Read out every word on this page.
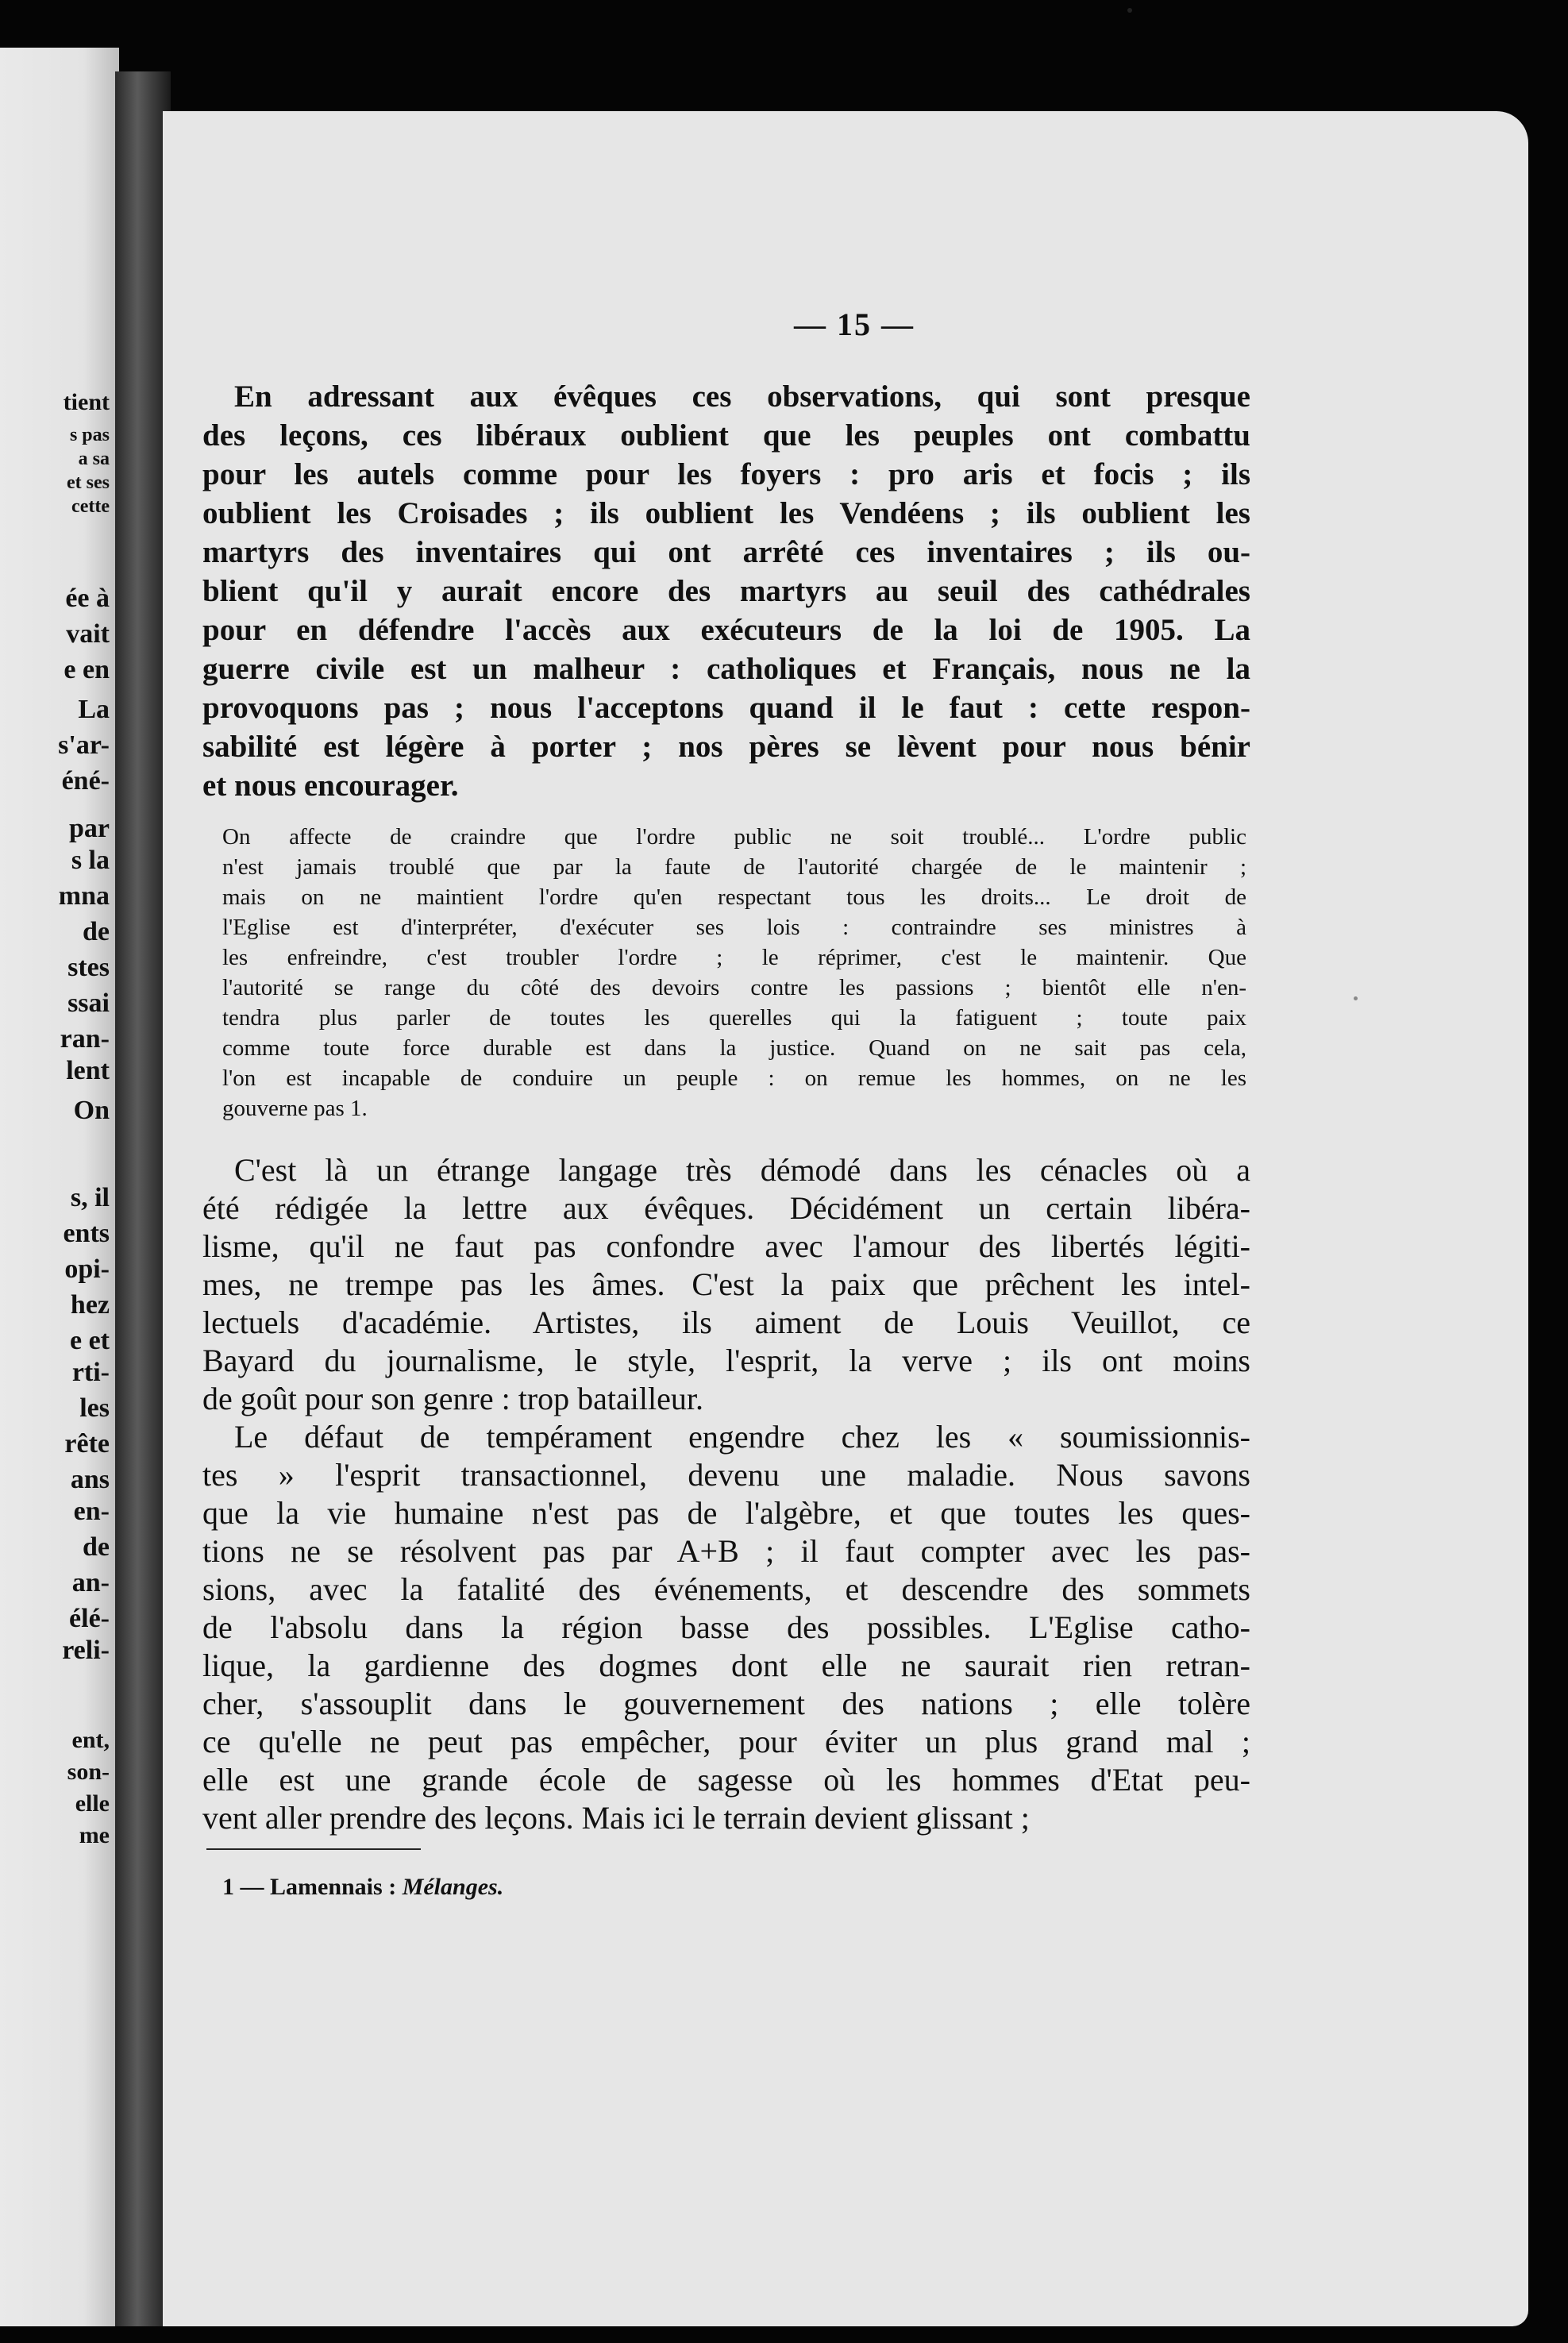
tient
s pas
a sa
et ses
cette
ée à
vait
e en
La
s'ar-
éné-
par
s la
mna
de
stes
ssai
ran-
lent
On
s, il
ents
opi-
hez
e et
rti-
les
rête
ans
en-
de
an-
élé-
reli-
ent,
son-
elle
me
— 15 —
En adressant aux évêques ces observations, qui sont presque
des leçons, ces libéraux oublient que les peuples ont combattu
pour les autels comme pour les foyers : pro aris et focis ; ils
oublient les Croisades ; ils oublient les Vendéens ; ils oublient les
martyrs des inventaires qui ont arrêté ces inventaires ; ils ou-
blient qu'il y aurait encore des martyrs au seuil des cathédrales
pour en défendre l'accès aux exécuteurs de la loi de 1905. La
guerre civile est un malheur : catholiques et Français, nous ne la
provoquons pas ; nous l'acceptons quand il le faut : cette respon-
sabilité est légère à porter ; nos pères se lèvent pour nous bénir
et nous encourager.
On affecte de craindre que l'ordre public ne soit troublé... L'ordre public
n'est jamais troublé que par la faute de l'autorité chargée de le maintenir ;
mais on ne maintient l'ordre qu'en respectant tous les droits... Le droit de
l'Eglise est d'interpréter, d'exécuter ses lois : contraindre ses ministres à
les enfreindre, c'est troubler l'ordre ; le réprimer, c'est le maintenir. Que
l'autorité se range du côté des devoirs contre les passions ; bientôt elle n'en-
tendra plus parler de toutes les querelles qui la fatiguent ; toute paix
comme toute force durable est dans la justice. Quand on ne sait pas cela,
l'on est incapable de conduire un peuple : on remue les hommes, on ne les
gouverne pas 1.
C'est là un étrange langage très démodé dans les cénacles où a
été rédigée la lettre aux évêques. Décidément un certain libéra-
lisme, qu'il ne faut pas confondre avec l'amour des libertés légiti-
mes, ne trempe pas les âmes. C'est la paix que prêchent les intel-
lectuels d'académie. Artistes, ils aiment de Louis Veuillot, ce
Bayard du journalisme, le style, l'esprit, la verve ; ils ont moins
de goût pour son genre : trop batailleur.
Le défaut de tempérament engendre chez les « soumissionnis-
tes » l'esprit transactionnel, devenu une maladie. Nous savons
que la vie humaine n'est pas de l'algèbre, et que toutes les ques-
tions ne se résolvent pas par A+B ; il faut compter avec les pas-
sions, avec la fatalité des événements, et descendre des sommets
de l'absolu dans la région basse des possibles. L'Eglise catho-
lique, la gardienne des dogmes dont elle ne saurait rien retran-
cher, s'assouplit dans le gouvernement des nations ; elle tolère
ce qu'elle ne peut pas empêcher, pour éviter un plus grand mal ;
elle est une grande école de sagesse où les hommes d'Etat peu-
vent aller prendre des leçons. Mais ici le terrain devient glissant ;
1 — Lamennais : Mélanges.
